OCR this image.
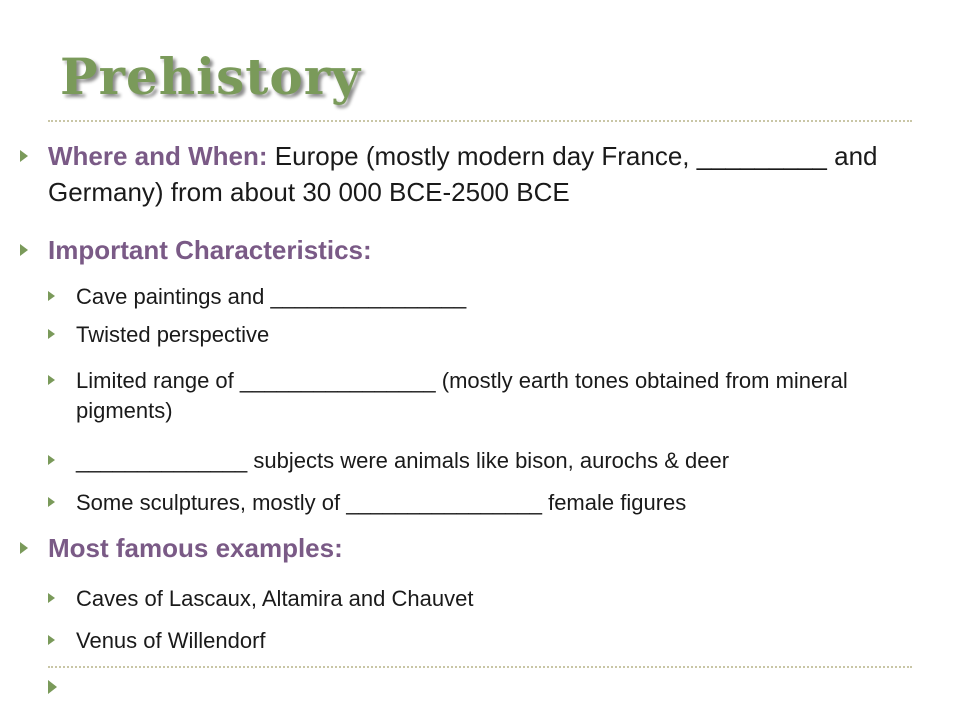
Prehistory
Where and When: Europe (mostly modern day France, _________ and Germany) from about 30 000 BCE-2500 BCE
Important Characteristics:
Cave paintings and ________________
Twisted perspective
Limited range of ________________ (mostly earth tones obtained from mineral pigments)
______________ subjects were animals like bison, aurochs & deer
Some sculptures, mostly of ________________ female figures
Most famous examples:
Caves of Lascaux, Altamira and Chauvet
Venus of Willendorf
